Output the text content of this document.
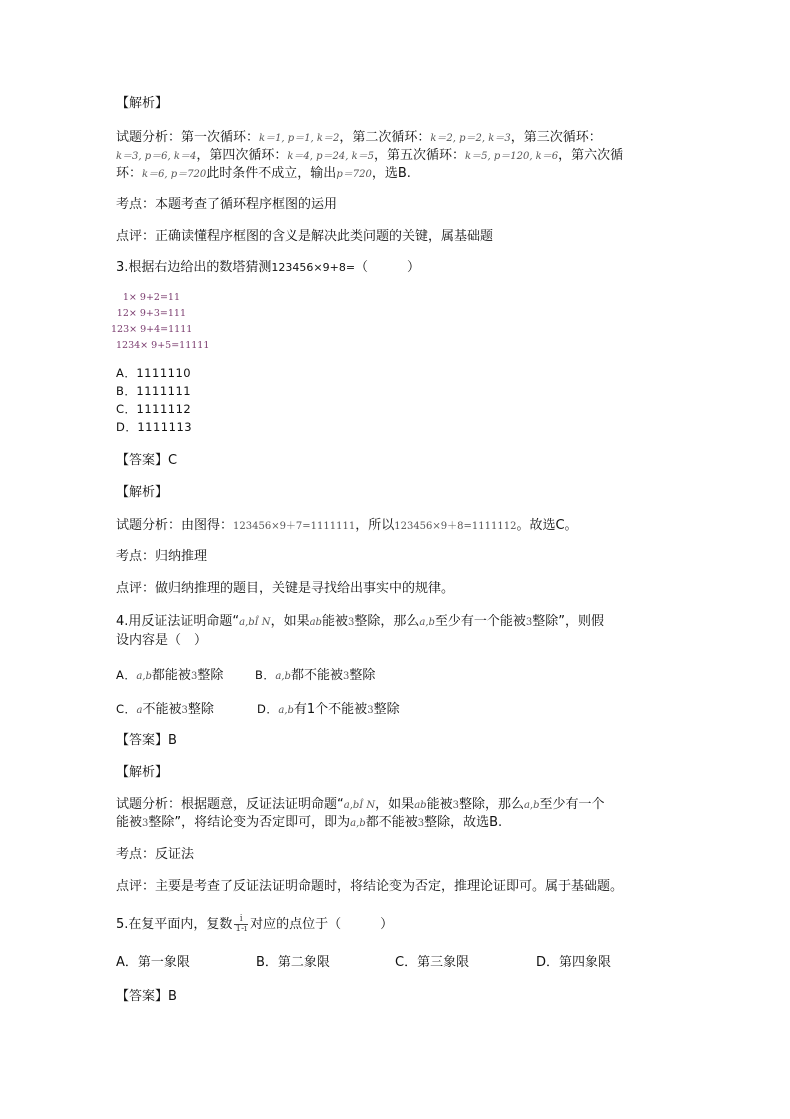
【解析】
试题分析：第一次循环：k＝1, p＝1, k＝2，第二次循环：k＝2, p＝2, k＝3，第三次循环：
k＝3, p＝6, k＝4，第四次循环：k＝4, p＝24, k＝5，第五次循环：k＝5, p＝120, k＝6，第六次循
环：k＝6, p＝720此时条件不成立，输出p＝720，选B.
考点：本题考查了循环程序框图的运用
点评：正确读懂程序框图的含义是解决此类问题的关键，属基础题
3.根据右边给出的数塔猜测123456×9+8=（　　　）
1× 9+2=11
12× 9+3=111
123× 9+4=1111
1234× 9+5=11111
A．1111110
B．1111111
C．1111112
D．1111113
【答案】C
【解析】
试题分析：由图得：123456×9＋7=1111111，所以123456×9＋8=1111112。故选C。
考点：归纳推理
点评：做归纳推理的题目，关键是寻找给出事实中的规律。
4.用反证法证明命题“a,bÎ N，如果ab能被3整除，那么a,b至少有一个能被3整除”，则假
设内容是（　）
A．a,b都能被3整除	B．a,b都不能被3整除
C．a不能被3整除	D．a,b有1个不能被3整除
【答案】B
【解析】
试题分析：根据题意，反证法证明命题“a,bÎ N，如果ab能被3整除，那么a,b至少有一个
能被3整除”，将结论变为否定即可，即为a,b都不能被3整除，故选B.
考点：反证法
点评：主要是考查了反证法证明命题时，将结论变为否定，推理论证即可。属于基础题。
5.在复平面内，复数 $\frac{i}{1-i}$ 对应的点位于（　　　）
A．第一象限	B．第二象限	C．第三象限	D．第四象限
【答案】B
